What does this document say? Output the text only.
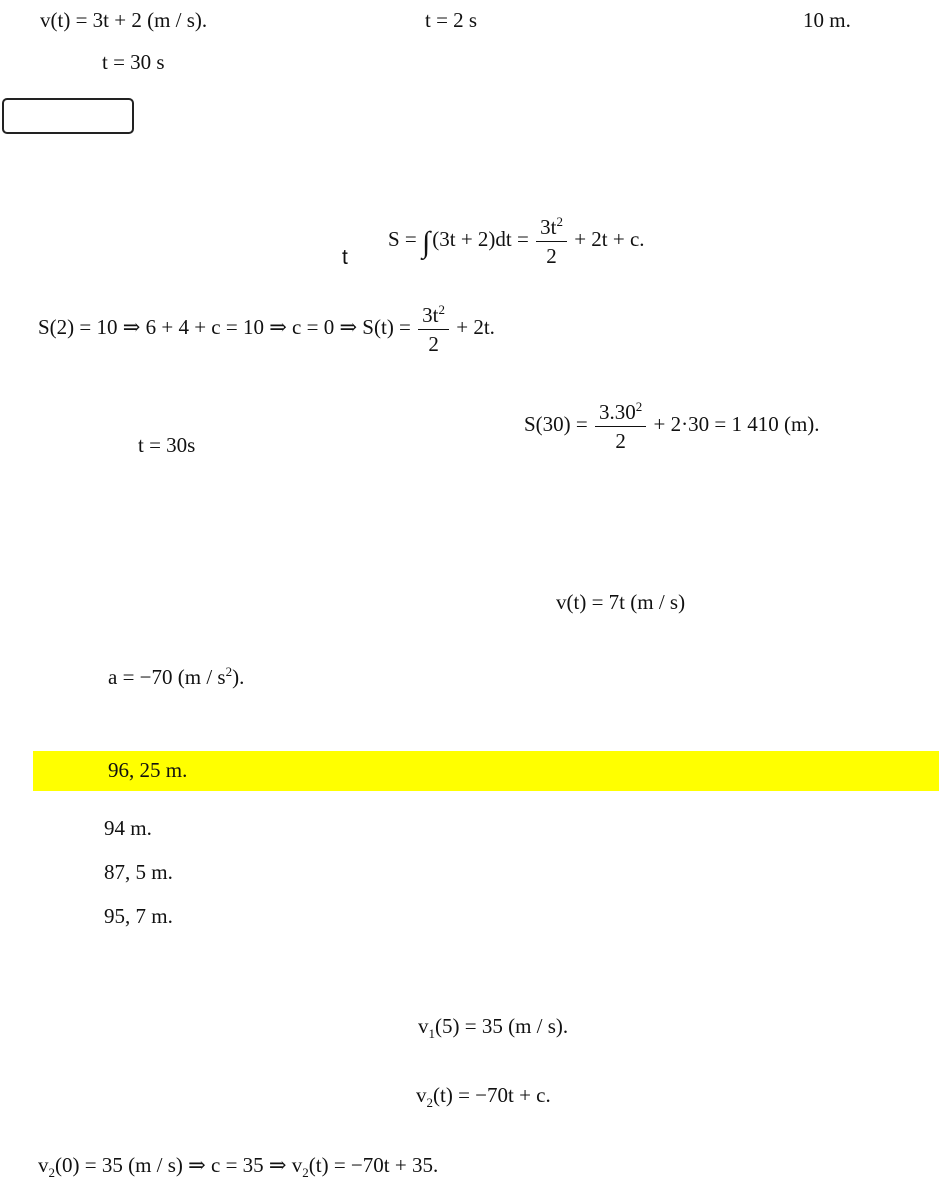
v(t) = 3t + 2 (m / s).	t = 2 s	10 m.
t = 30 s
t
$S = \int(3t + 2)dt = \frac{3t^2}{2} + 2t + c$.
S(2) = 10 ⇒ 6 + 4 + c = 10 ⇒ c = 0 ⇒ $S(t) = \frac{3t^2}{2} + 2t$.
t = 30s
$S(30) = \frac{3.30^2}{2} + 2\cdot 30 = 1$ 410 (m).
v(t) = 7t (m / s)
a = −70 $(m / s^2)$.
96, 25 m.
94 m.
87, 5 m.
95, 7 m.
$v_1(5) = 35$ (m / s).
$v_2(t) = -70t + c$.
$v_2(0) = 35$ (m / s) ⇒ c = 35 ⇒ $v_2(t) = -70t + 35$.
